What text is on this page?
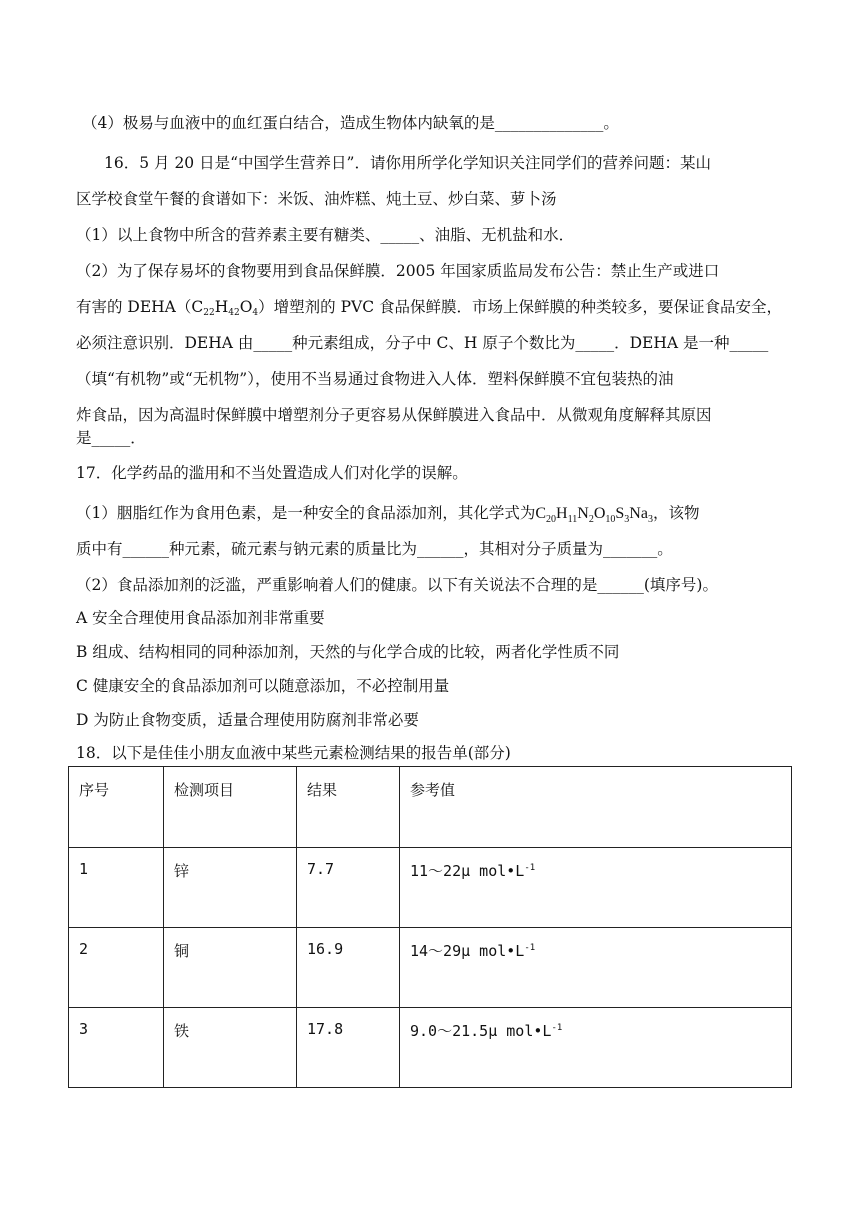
（4）极易与血液中的血红蛋白结合，造成生物体内缺氧的是______________。
16．5 月 20 日是“中国学生营养日”．请你用所学化学知识关注同学们的营养问题：某山
区学校食堂午餐的食谱如下：米饭、油炸糕、炖土豆、炒白菜、萝卜汤
（1）以上食物中所含的营养素主要有糖类、_____、油脂、无机盐和水．
（2）为了保存易坏的食物要用到食品保鲜膜．2005 年国家质监局发布公告：禁止生产或进口
有害的 $DEHA(C_{22}H_{42}O_4)$增塑剂的 PVC 食品保鲜膜．市场上保鲜膜的种类较多，要保证食品安全，
必须注意识别．DEHA 由_____种元素组成，分子中 C、H 原子个数比为_____．DEHA 是一种_____
（填“有机物”或“无机物”），使用不当易通过食物进入人体．塑料保鲜膜不宜包装热的油
炸食品，因为高温时保鲜膜中增塑剂分子更容易从保鲜膜进入食品中．从微观角度解释其原因
是_____．
17．化学药品的滥用和不当处置造成人们对化学的误解。
（1）胭脂红作为食用色素，是一种安全的食品添加剂，其化学式为$C_{20}H_{11}N_2O_{10}S_3Na_3$，该物
质中有______种元素，硫元素与钠元素的质量比为______，其相对分子质量为_______。
（2）食品添加剂的泛滥，严重影响着人们的健康。以下有关说法不合理的是______(填序号)。
A 安全合理使用食品添加剂非常重要
B 组成、结构相同的同种添加剂，天然的与化学合成的比较，两者化学性质不同
C 健康安全的食品添加剂可以随意添加，不必控制用量
D 为防止食物变质，适量合理使用防腐剂非常必要
18．以下是佳佳小朋友血液中某些元素检测结果的报告单(部分)
序号	检测项目	结果	参考值
1	锌	7.7	11～22μ $mol•L^{-1}$
2	铜	16.9	14～29μ $mol•L^{-1}$
3	铁	17.8	9.0～21.5μ $mol•L^{-1}$
